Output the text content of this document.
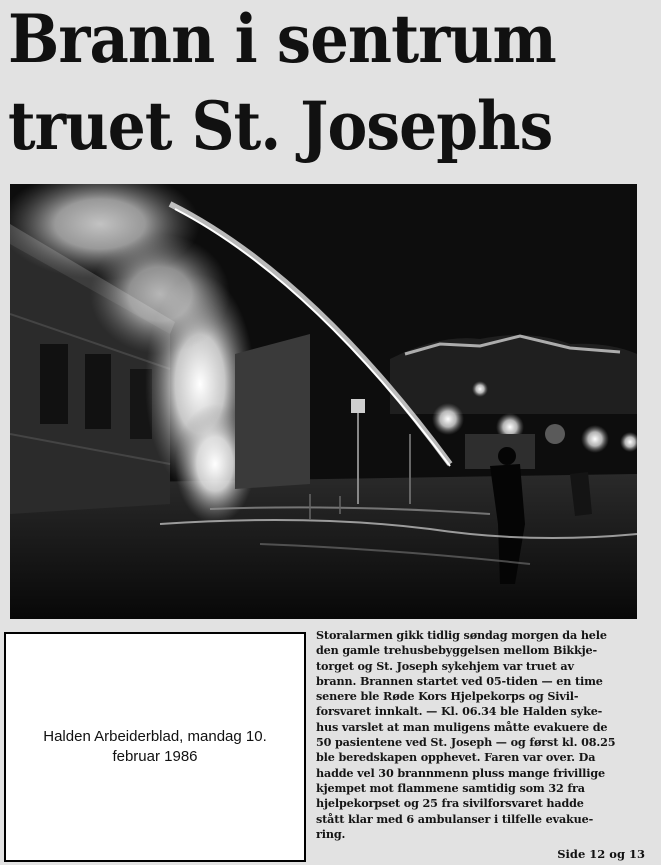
Brann i sentrum
truet St. Josephs
Halden Arbeiderblad, mandag 10.
februar 1986
Storalarmen gikk tidlig søndag morgen da hele
den gamle trehusbebyggelsen mellom Bikkje-
torget og St. Joseph sykehjem var truet av
brann. Brannen startet ved 05-tiden — en time
senere ble Røde Kors Hjelpekorps og Sivil-
forsvaret innkalt. — Kl. 06.34 ble Halden syke-
hus varslet at man muligens måtte evakuere de
50 pasientene ved St. Joseph — og først kl. 08.25
ble beredskapen opphevet. Faren var over. Da
hadde vel 30 brannmenn pluss mange frivillige
kjempet mot flammene samtidig som 32 fra
hjelpekorpset og 25 fra sivilforsvaret hadde
stått klar med 6 ambulanser i tilfelle evakue-
ring.
Side 12 og 13
